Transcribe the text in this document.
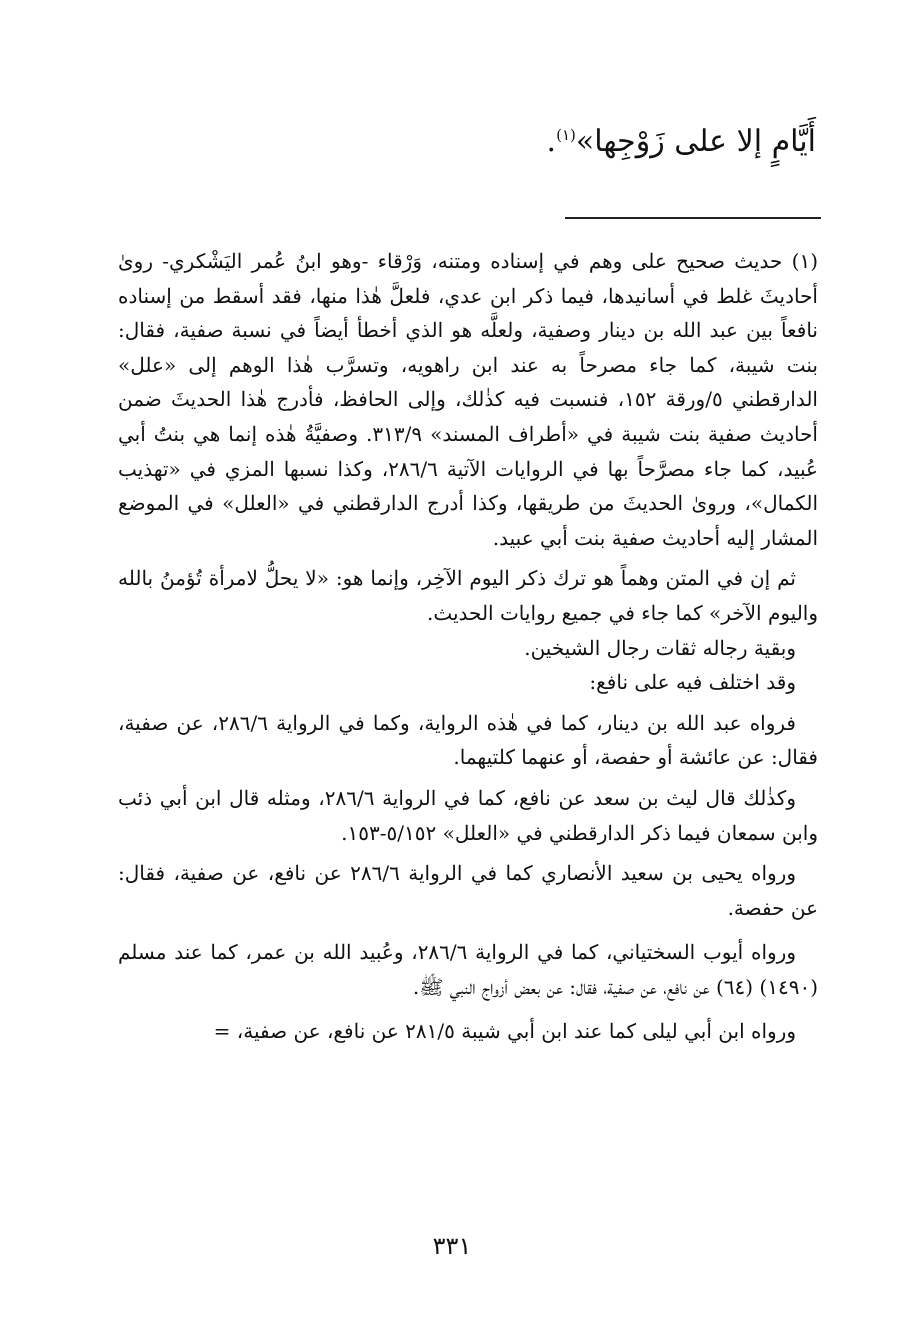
أَيَّامٍ إلا على زَوْجِها»$^{(١)}$.

(١) حديث صحيح على وهم في إسناده ومتنه، وَرْقاء -وهو ابنُ عُمر اليَشْكري- روىٰ أحاديثَ غلط في أسانيدها، فيما ذكر ابن عدي، فلعلَّ هٰذا منها، فقد أسقط من إسناده نافعاً بين عبد الله بن دينار وصفية، ولعلَّه هو الذي أخطأ أيضاً في نسبة صفية، فقال: بنت شيبة، كما جاء مصرحاً به عند ابن راهويه، وتسرَّب هٰذا الوهم إلى «علل» الدارقطني ٥/ورقة ١٥٢، فنسبت فيه كذٰلك، وإلى الحافظ، فأدرج هٰذا الحديثَ ضمن أحاديث صفية بنت شيبة في «أطراف المسند» ٣١٣/٩. وصفيَّةُ هٰذه إنما هي بنتُ أبي عُبيد، كما جاء مصرَّحاً بها في الروايات الآتية ٢٨٦/٦، وكذا نسبها المزي في «تهذيب الكمال»، وروىٰ الحديثَ من طريقها، وكذا أدرج الدارقطني في «العلل» في الموضع المشار إليه أحاديث صفية بنت أبي عبيد.

ثم إن في المتن وهماً هو ترك ذكر اليوم الآخِر، وإنما هو: «لا يحلُّ لامرأة تُؤمنُ بالله واليوم الآخر» كما جاء في جميع روايات الحديث.

وبقية رجاله ثقات رجال الشيخين.

وقد اختلف فيه على نافع:

فرواه عبد الله بن دينار، كما في هٰذه الرواية، وكما في الرواية ٢٨٦/٦، عن صفية، فقال: عن عائشة أو حفصة، أو عنهما كلتيهما.

وكذٰلك قال ليث بن سعد عن نافع، كما في الرواية ٢٨٦/٦، ومثله قال ابن أبي ذئب وابن سمعان فيما ذكر الدارقطني في «العلل» ٥/١٥٢-١٥٣.

ورواه يحيى بن سعيد الأنصاري كما في الرواية ٢٨٦/٦ عن نافع، عن صفية، فقال: عن حفصة.

ورواه أيوب السختياني، كما في الرواية ٢٨٦/٦، وعُبيد الله بن عمر، كما عند مسلم (١٤٩٠) (٦٤) عن نافع، عن صفية، فقال: عن بعض أزواج النبي ﷺ.

ورواه ابن أبي ليلى كما عند ابن أبي شيبة ٢٨١/٥ عن نافع، عن صفية، =

٣٣١
